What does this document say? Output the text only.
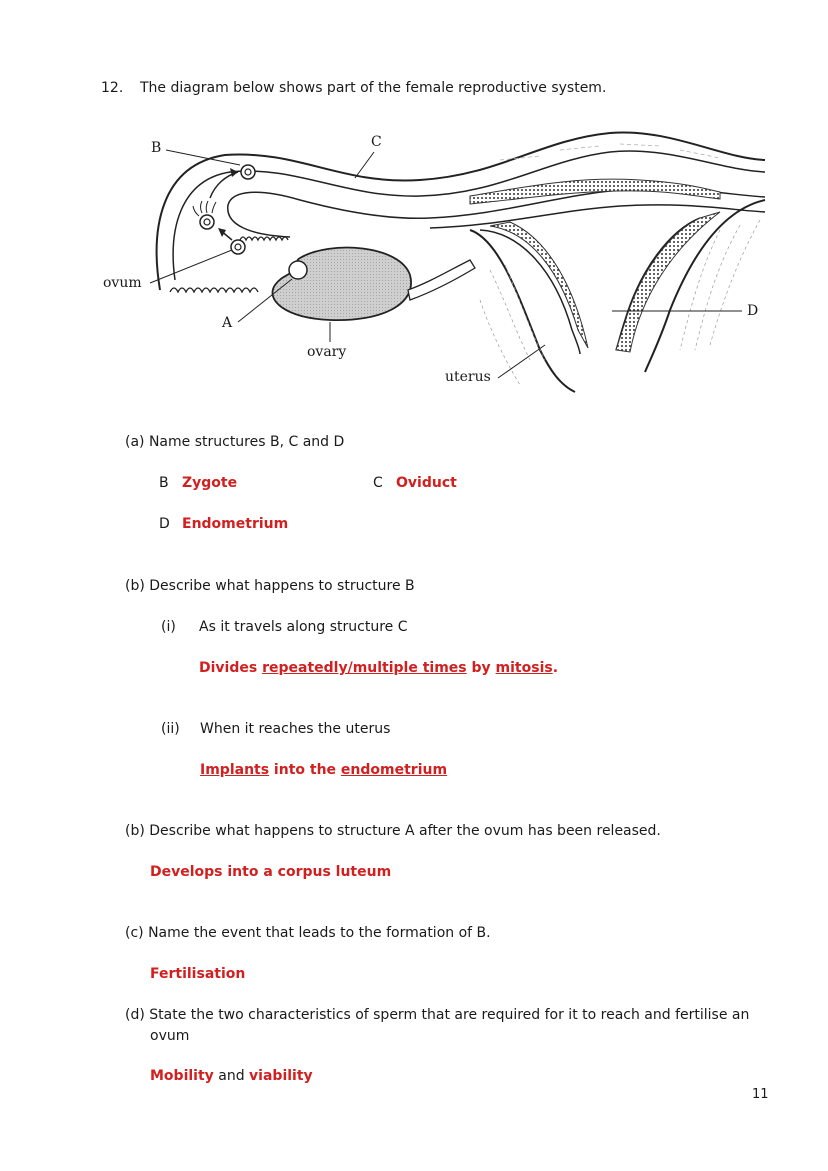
12. The diagram below shows part of the female reproductive system.
B	C
ovum
A
ovary
uterus
D
(a) Name structures B, C and D
B Zygote	C Oviduct
D Endometrium
(b) Describe what happens to structure B
(i) As it travels along structure C
Divides repeatedly/multiple times by mitosis.
(ii) When it reaches the uterus
Implants into the endometrium
(b) Describe what happens to structure A after the ovum has been released.
Develops into a corpus luteum
(c) Name the event that leads to the formation of B.
Fertilisation
(d) State the two characteristics of sperm that are required for it to reach and fertilise an
ovum
Mobility and viability
11
